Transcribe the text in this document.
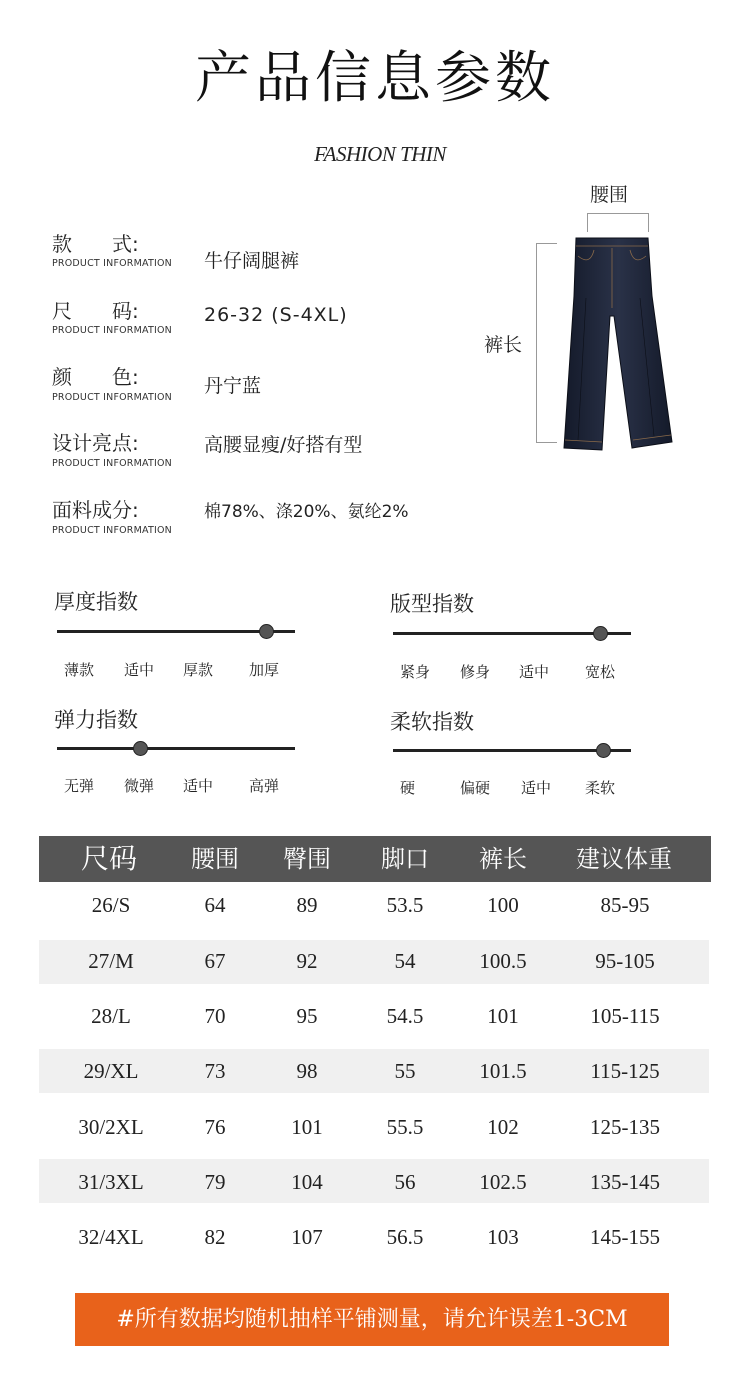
产品信息参数
FASHION THIN
款　　式:
PRODUCT INFORMATION 牛仔阔腿裤
尺　　码:
PRODUCT INFORMATION
26-32 (S-4XL)
颜　　色:
PRODUCT INFORMATION
丹宁蓝
设计亮点:
PRODUCT INFORMATION
高腰显瘦/好搭有型
面料成分:
PRODUCT INFORMATION
棉78%、涤20%、氨纶2%
腰围
裤长
厚度指数
薄款 适中 厚款 加厚
版型指数
紧身 修身 适中 宽松
弹力指数
无弹 微弹 适中 高弹
柔软指数
硬	偏硬 适中 柔软
尺码	腰围	臀围	脚口	裤长	建议体重
26/S	64	89	53.5	100	85-95
27/M	67	92	54	100.5	95-105
28/L	70	95	54.5	101	105-115
29/XL	73	98	55	101.5	115-125
30/2XL	76	101	55.5	102	125-135
31/3XL	79	104	56	102.5	135-145
32/4XL	82	107	56.5	103	145-155
#所有数据均随机抽样平铺测量，请允许误差1-3CM
